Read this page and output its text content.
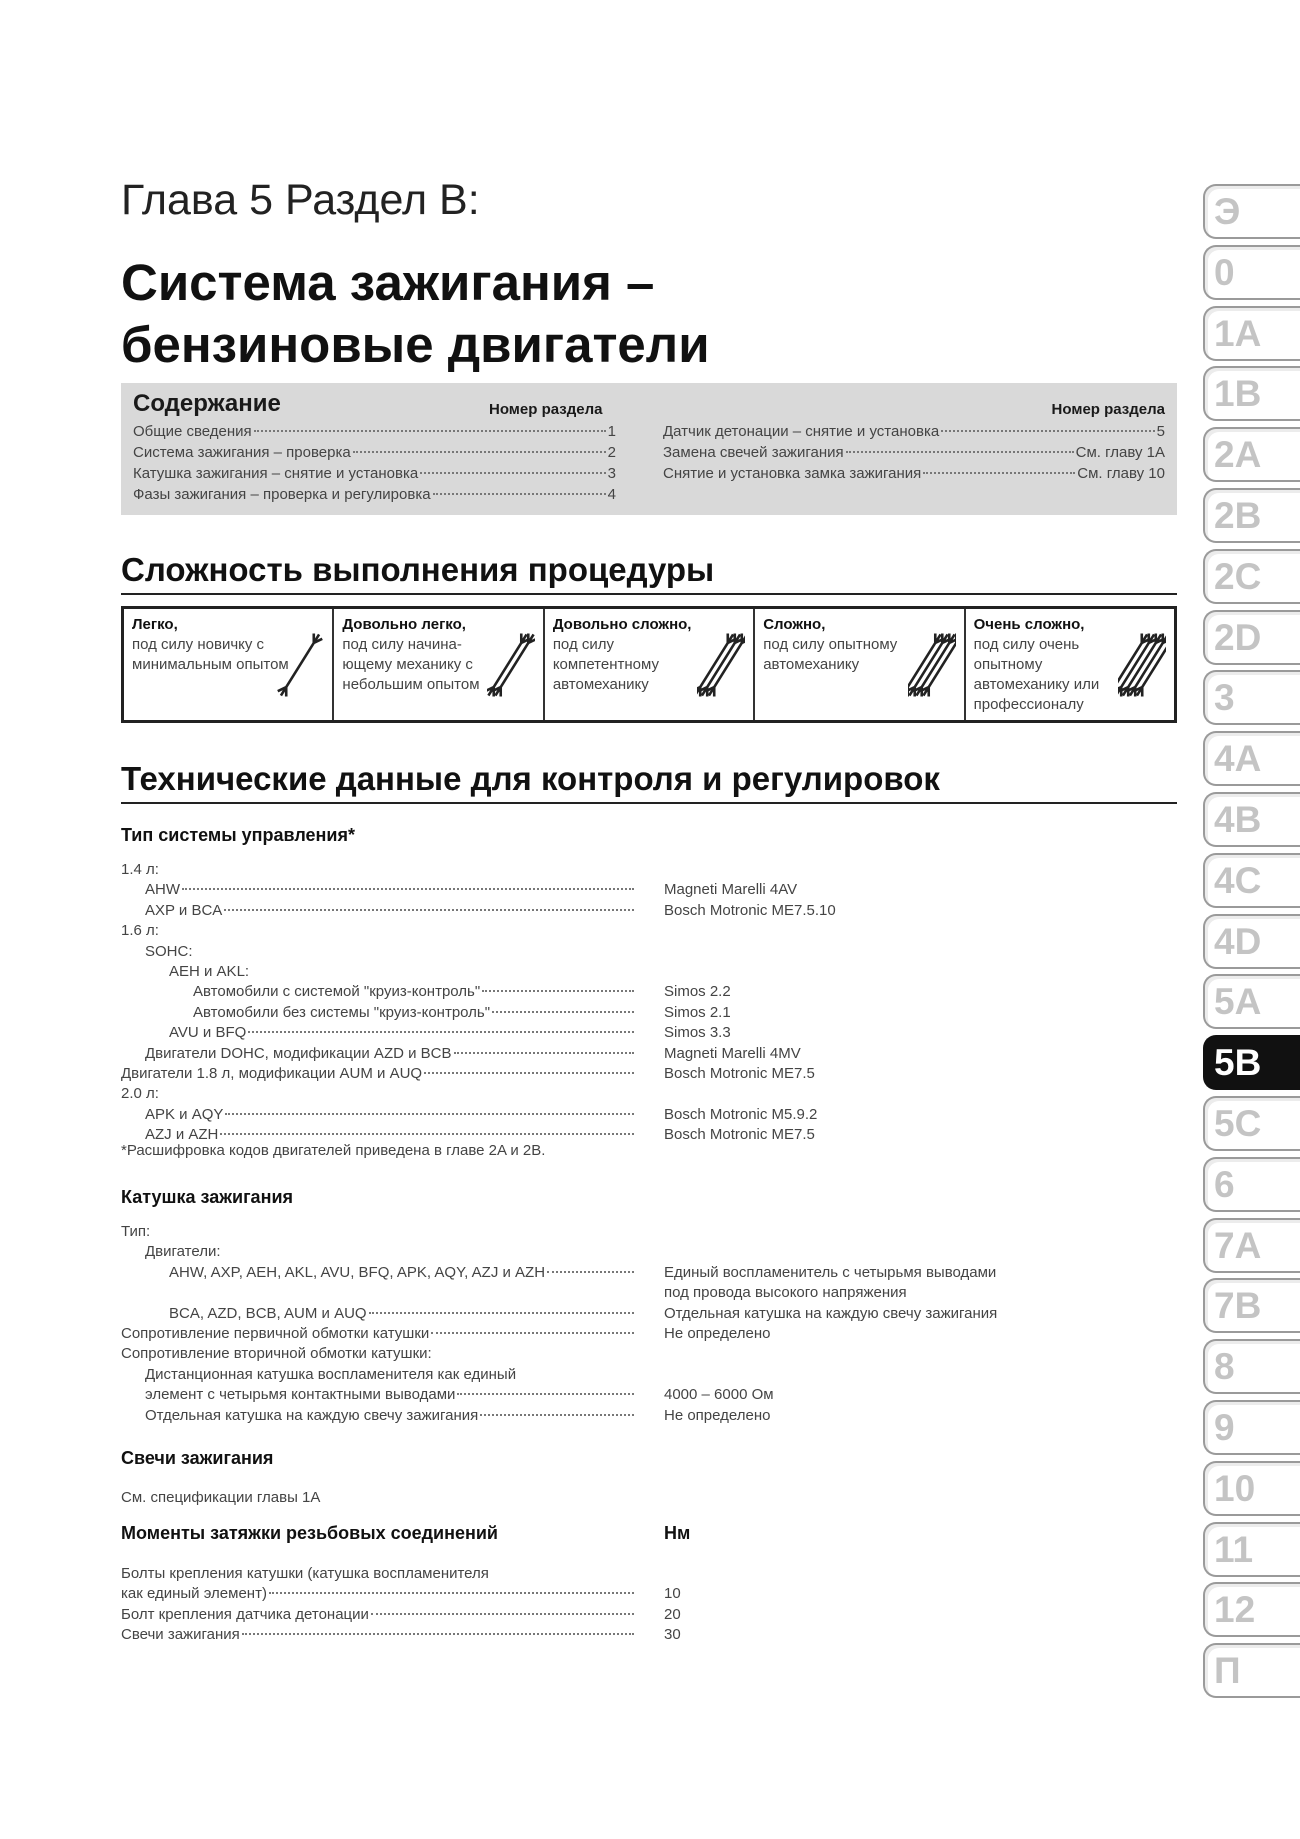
Глава 5 Раздел B:
Система зажигания –
бензиновые двигатели
Содержание	Номер раздела	Номер раздела
Общие сведения	1
Система зажигания – проверка	2
Катушка зажигания – снятие и установка	3
Фазы зажигания – проверка и регулировка	4
Датчик детонации – снятие и установка	5
Замена свечей зажигания	См. главу 1A
Снятие и установка замка зажигания	См. главу 10
Сложность выполнения процедуры
Легко,
под силу новичку с минимальным опытом
Довольно легко,
под силу начина-ющему механику с небольшим опытом
Довольно сложно,
под силу компетентному автомеханику
Сложно,
под силу опытному автомеханику
Очень сложно,
под силу очень опытному автомеханику или профессионалу
Технические данные для контроля и регулировок
Тип системы управления*
1.4 л:
AHW	Magneti Marelli 4AV
AXP и BCA	Bosch Motronic ME7.5.10
1.6 л:
SOHC:
AEH и AKL:
Автомобили с системой "круиз-контроль"	Simos 2.2
Автомобили без системы "круиз-контроль"	Simos 2.1
AVU и BFQ	Simos 3.3
Двигатели DOHC, модификации AZD и BCB	Magneti Marelli 4MV
Двигатели 1.8 л, модификации AUM и AUQ	Bosch Motronic ME7.5
2.0 л:
APK и AQY	Bosch Motronic M5.9.2
AZJ и AZH	Bosch Motronic ME7.5
*Расшифровка кодов двигателей приведена в главе 2A и 2B.
Катушка зажигания
Тип:
Двигатели:
AHW, AXP, AEH, AKL, AVU, BFQ, APK, AQY, AZJ и AZH	Единый воспламенитель с четырьмя выводами
под провода высокого напряжения
BCA, AZD, BCB, AUM и AUQ	Отдельная катушка на каждую свечу зажигания
Сопротивление первичной обмотки катушки	Не определено
Сопротивление вторичной обмотки катушки:
Дистанционная катушка воспламенителя как единый
элемент с четырьмя контактными выводами	4000 – 6000 Ом
Отдельная катушка на каждую свечу зажигания	Не определено
Свечи зажигания
См. спецификации главы 1A
Моменты затяжки резьбовых соединений	Нм
Болты крепления катушки (катушка воспламенителя
как единый элемент)	10
Болт крепления датчика детонации	20
Свечи зажигания	30
Э
0
1A
1B
2A
2B
2C
2D
3
4A
4B
4C
4D
5A
5B
5C
6
7A
7B
8
9
10
11
12
П
